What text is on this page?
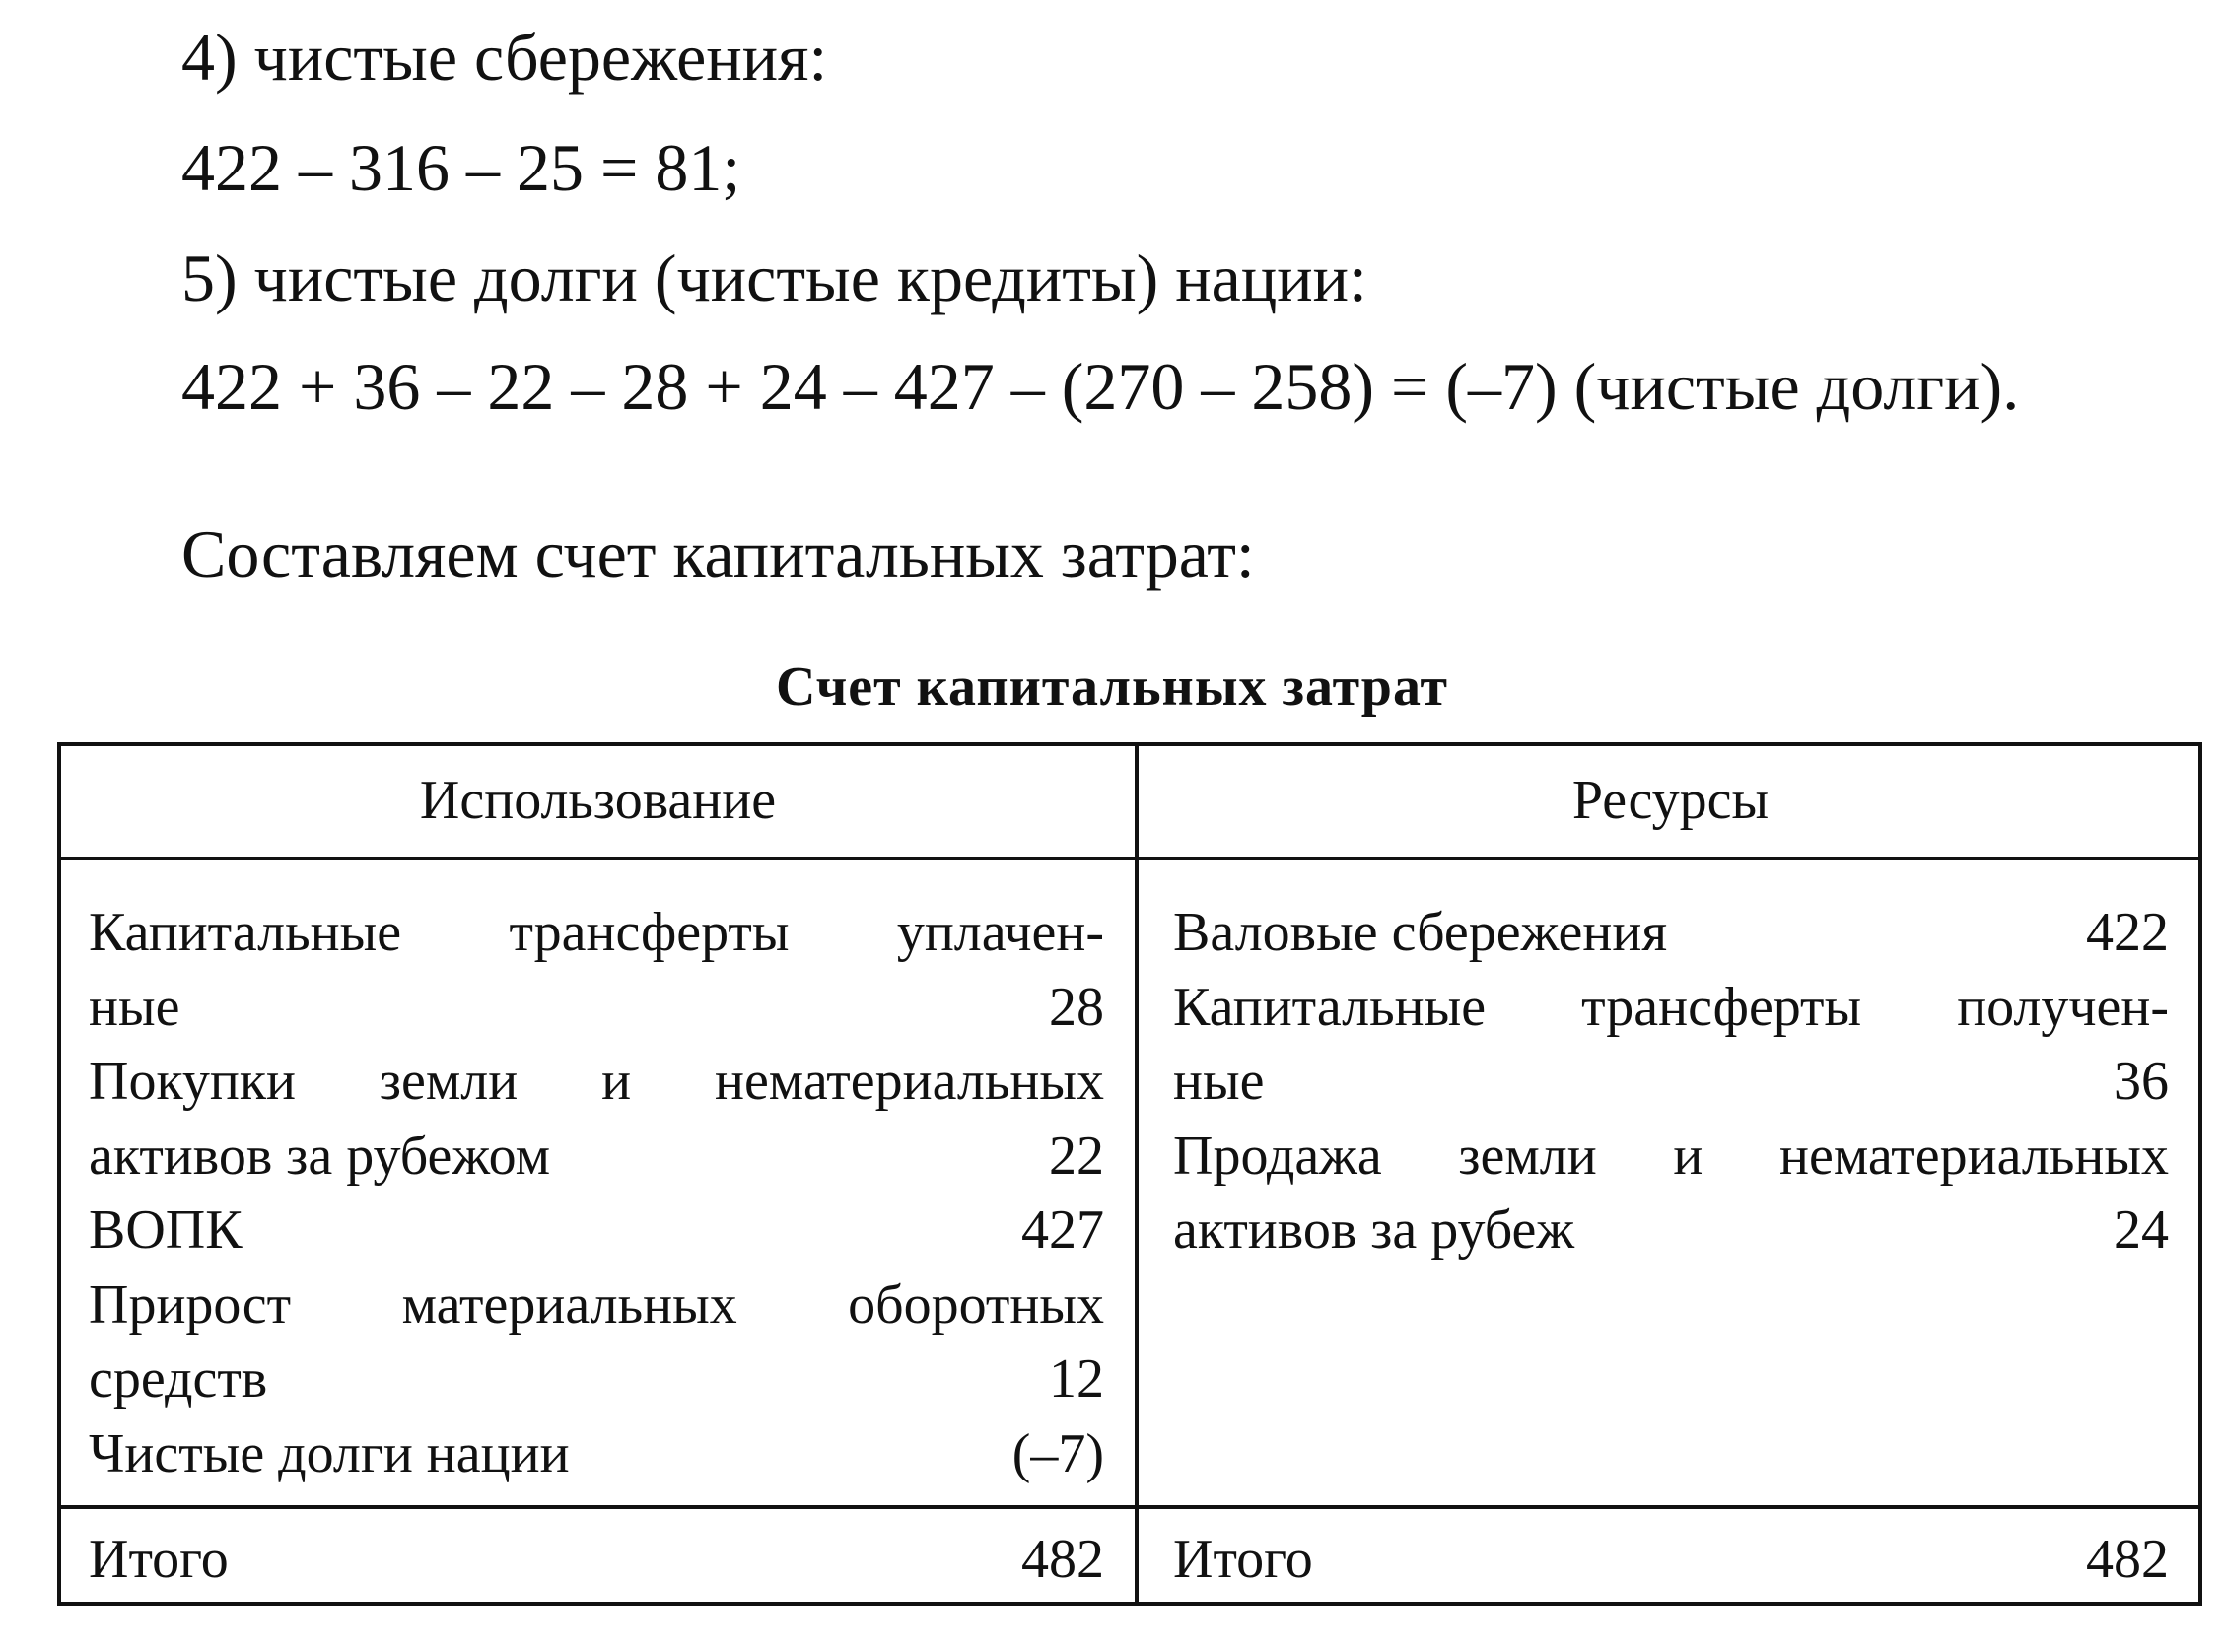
4) чистые сбережения:
422 – 316 – 25 = 81;
5) чистые долги (чистые кредиты) нации:
422 + 36 – 22 – 28 + 24 – 427 – (270 – 258) = (–7) (чистые долги).
Составляем счет капитальных затрат:
Счет капитальных затрат
Использование	Ресурсы
Капитальные трансферты уплачен-
ные	28
Покупки земли и нематериальных
активов за рубежом	22
ВОПК	427
Прирост материальных оборотных
средств	12
Чистые долги нации	(–7)
Валовые сбережения	422
Капитальные трансферты получен-
ные	36
Продажа земли и нематериальных
активов за рубеж	24
Итого	482 Итого	482
